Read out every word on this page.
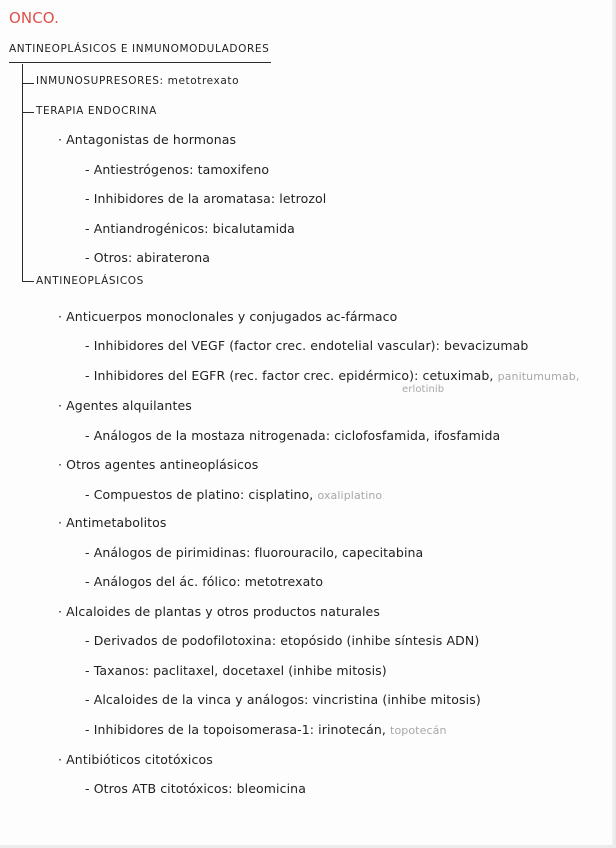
ONCO.
ANTINEOPLÁSICOS E INMUNOMODULADORES
INMUNOSUPRESORES: metotrexato
TERAPIA ENDOCRINA
· Antagonistas de hormonas
- Antiestrógenos: tamoxifeno
- Inhibidores de la aromatasa: letrozol
- Antiandrogénicos: bicalutamida
- Otros: abiraterona
ANTINEOPLÁSICOS
· Anticuerpos monoclonales y conjugados ac-fármaco
- Inhibidores del VEGF (factor crec. endotelial vascular): bevacizumab
- Inhibidores del EGFR (rec. factor crec. epidérmico): cetuximab, panitumumab,
erlotinib
· Agentes alquilantes
- Análogos de la mostaza nitrogenada: ciclofosfamida, ifosfamida
· Otros agentes antineoplásicos
- Compuestos de platino: cisplatino, oxaliplatino
· Antimetabolitos
- Análogos de pirimidinas: fluorouracilo, capecitabina
- Análogos del ác. fólico: metotrexato
· Alcaloides de plantas y otros productos naturales
- Derivados de podofilotoxina: etopósido (inhibe síntesis ADN)
- Taxanos: paclitaxel, docetaxel (inhibe mitosis)
- Alcaloides de la vinca y análogos: vincristina (inhibe mitosis)
- Inhibidores de la topoisomerasa-1: irinotecán, topotecán
· Antibióticos citotóxicos
- Otros ATB citotóxicos: bleomicina
